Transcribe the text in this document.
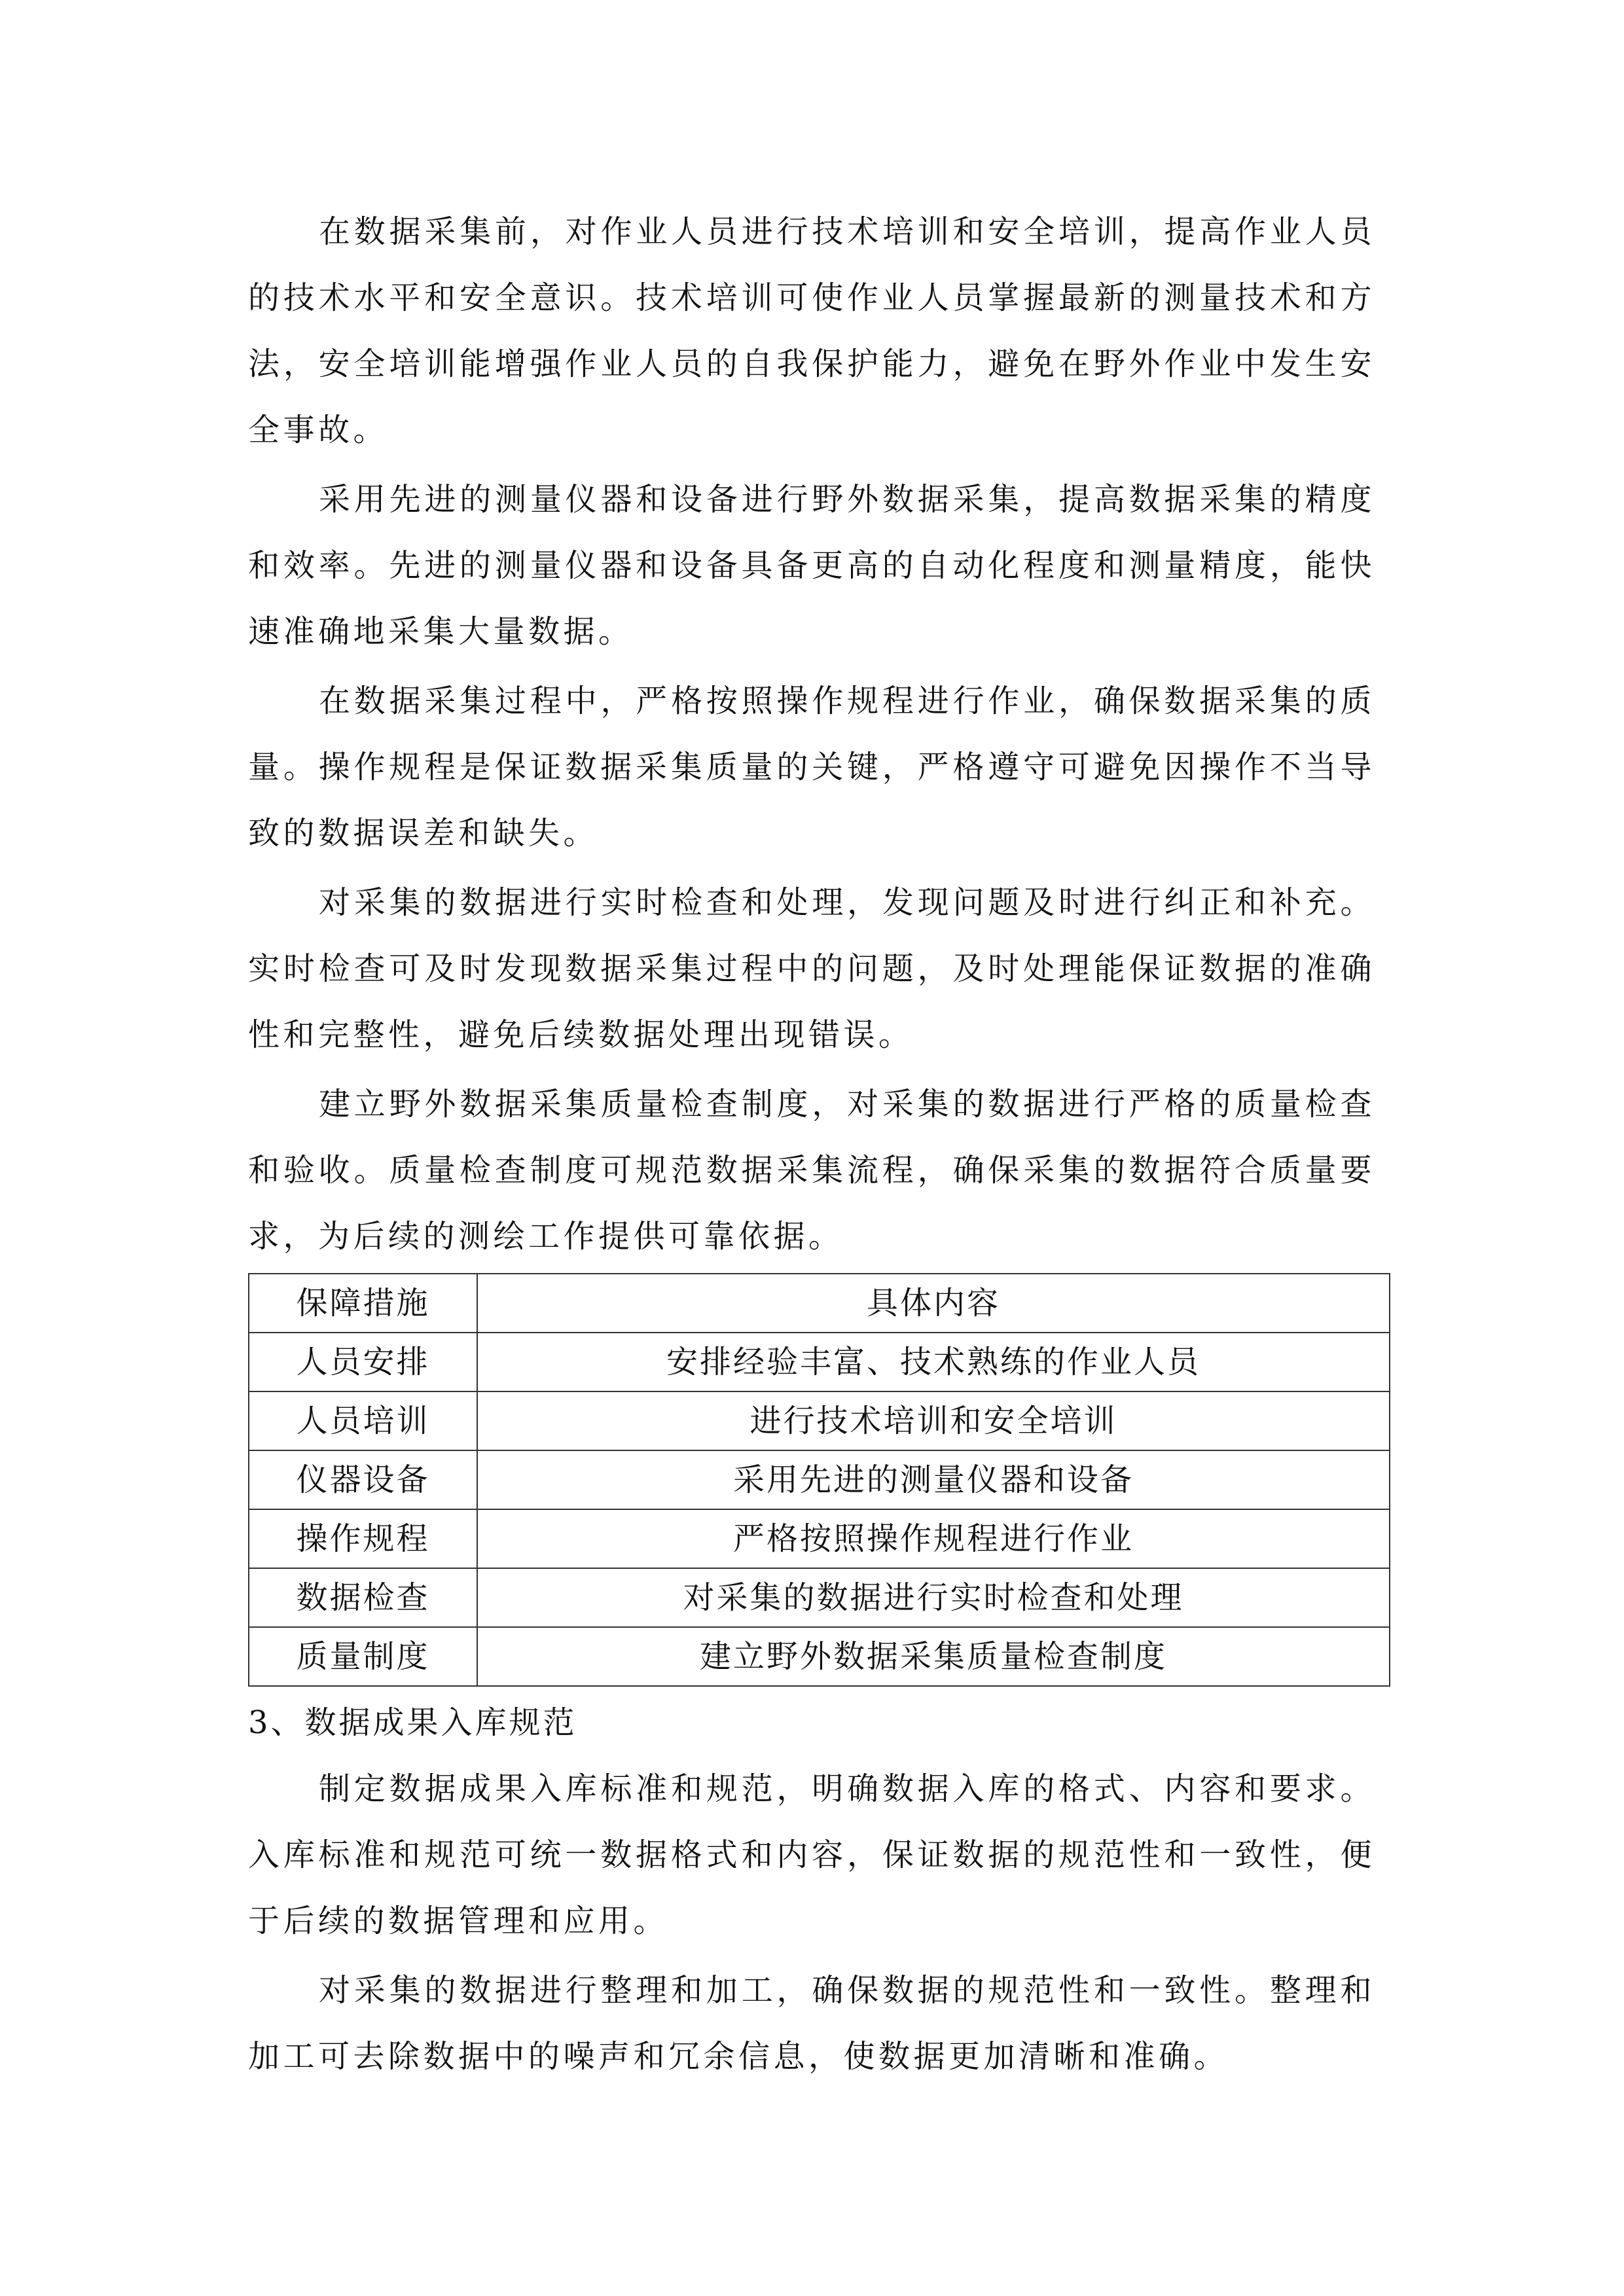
在数据采集前，对作业人员进行技术培训和安全培训，提高作业人员的技术水平和安全意识。技术培训可使作业人员掌握最新的测量技术和方法，安全培训能增强作业人员的自我保护能力，避免在野外作业中发生安全事故。

采用先进的测量仪器和设备进行野外数据采集，提高数据采集的精度和效率。先进的测量仪器和设备具备更高的自动化程度和测量精度，能快速准确地采集大量数据。

在数据采集过程中，严格按照操作规程进行作业，确保数据采集的质量。操作规程是保证数据采集质量的关键，严格遵守可避免因操作不当导致的数据误差和缺失。

对采集的数据进行实时检查和处理，发现问题及时进行纠正和补充。实时检查可及时发现数据采集过程中的问题，及时处理能保证数据的准确性和完整性，避免后续数据处理出现错误。

建立野外数据采集质量检查制度，对采集的数据进行严格的质量检查和验收。质量检查制度可规范数据采集流程，确保采集的数据符合质量要求，为后续的测绘工作提供可靠依据。

保障措施	具体内容
人员安排	安排经验丰富、技术熟练的作业人员
人员培训	进行技术培训和安全培训
仪器设备	采用先进的测量仪器和设备
操作规程	严格按照操作规程进行作业
数据检查	对采集的数据进行实时检查和处理
质量制度	建立野外数据采集质量检查制度

3、数据成果入库规范

制定数据成果入库标准和规范，明确数据入库的格式、内容和要求。入库标准和规范可统一数据格式和内容，保证数据的规范性和一致性，便于后续的数据管理和应用。

对采集的数据进行整理和加工，确保数据的规范性和一致性。整理和加工可去除数据中的噪声和冗余信息，使数据更加清晰和准确。
